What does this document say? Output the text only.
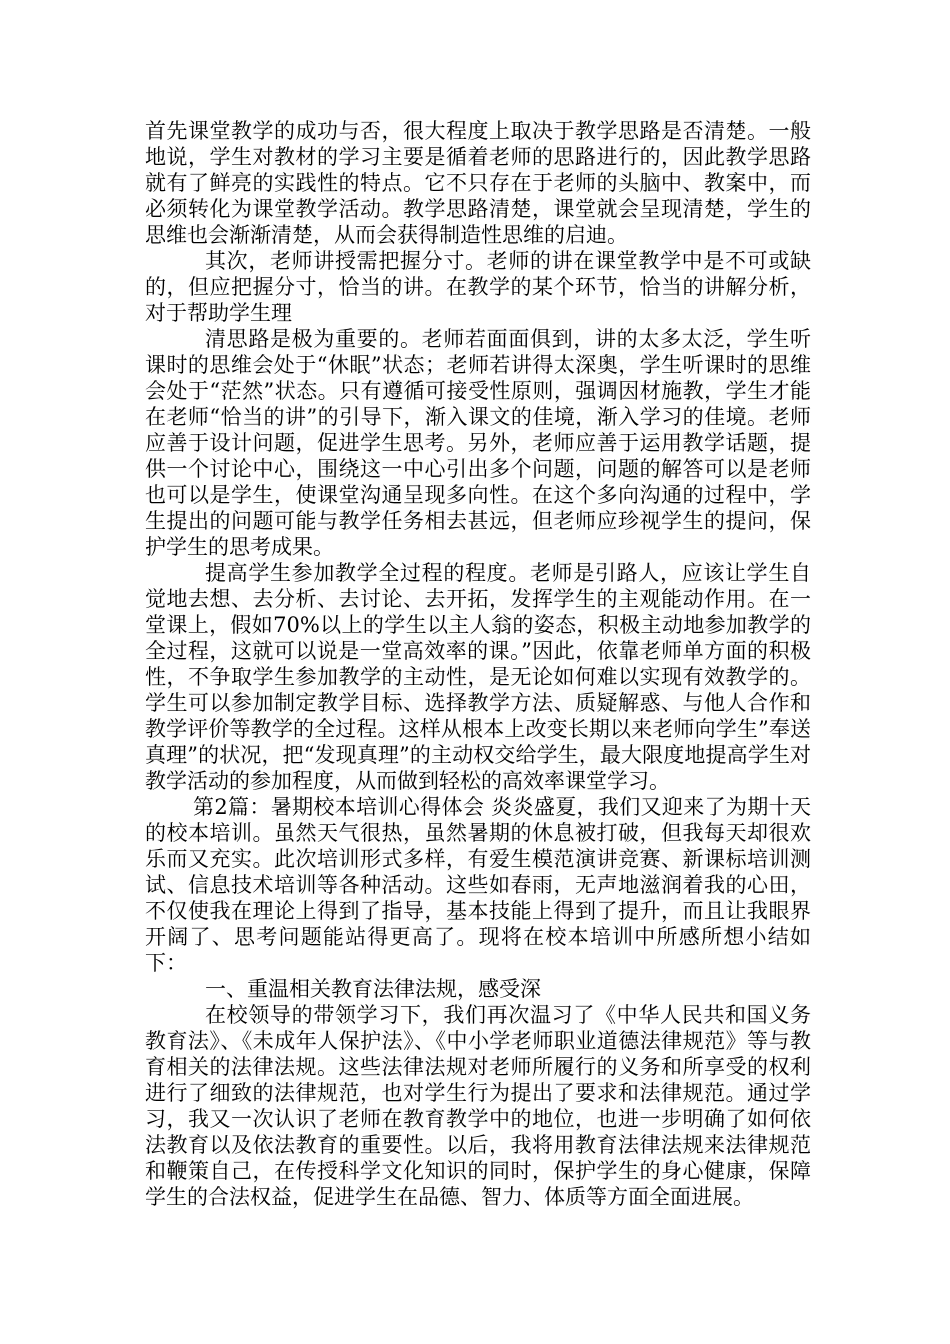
首先课堂教学的成功与否，很大程度上取决于教学思路是否清楚。一般地说，学生对教材的学习主要是循着老师的思路进行的，因此教学思路就有了鲜亮的实践性的特点。它不只存在于老师的头脑中、教案中，而必须转化为课堂教学活动。教学思路清楚，课堂就会呈现清楚，学生的思维也会渐渐清楚，从而会获得制造性思维的启迪。

其次，老师讲授需把握分寸。老师的讲在课堂教学中是不可或缺的，但应把握分寸，恰当的讲。在教学的某个环节，恰当的讲解分析，对于帮助学生理

清思路是极为重要的。老师若面面俱到，讲的太多太泛，学生听课时的思维会处于“休眠”状态；老师若讲得太深奥，学生听课时的思维会处于“茫然”状态。只有遵循可接受性原则，强调因材施教，学生才能在老师“恰当的讲”的引导下，渐入课文的佳境，渐入学习的佳境。老师应善于设计问题，促进学生思考。另外，老师应善于运用教学话题，提供一个讨论中心，围绕这一中心引出多个问题，问题的解答可以是老师也可以是学生，使课堂沟通呈现多向性。在这个多向沟通的过程中，学生提出的问题可能与教学任务相去甚远，但老师应珍视学生的提问，保护学生的思考成果。

提高学生参加教学全过程的程度。老师是引路人，应该让学生自觉地去想、去分析、去讨论、去开拓，发挥学生的主观能动作用。在一堂课上，假如70%以上的学生以主人翁的姿态，积极主动地参加教学的全过程，这就可以说是一堂高效率的课。”因此，依靠老师单方面的积极性，不争取学生参加教学的主动性，是无论如何难以实现有效教学的。学生可以参加制定教学目标、选择教学方法、质疑解惑、与他人合作和教学评价等教学的全过程。这样从根本上改变长期以来老师向学生”奉送真理”的状况，把“发现真理”的主动权交给学生，最大限度地提高学生对教学活动的参加程度，从而做到轻松的高效率课堂学习。

第2篇：暑期校本培训心得体会 炎炎盛夏，我们又迎来了为期十天的校本培训。虽然天气很热，虽然暑期的休息被打破，但我每天却很欢乐而又充实。此次培训形式多样，有爱生模范演讲竞赛、新课标培训测试、信息技术培训等各种活动。这些如春雨，无声地滋润着我的心田，不仅使我在理论上得到了指导，基本技能上得到了提升，而且让我眼界开阔了、思考问题能站得更高了。现将在校本培训中所感所想小结如下：

一、重温相关教育法律法规，感受深

在校领导的带领学习下，我们再次温习了《中华人民共和国义务教育法》、《未成年人保护法》、《中小学老师职业道德法律规范》等与教育相关的法律法规。这些法律法规对老师所履行的义务和所享受的权利进行了细致的法律规范，也对学生行为提出了要求和法律规范。通过学习，我又一次认识了老师在教育教学中的地位，也进一步明确了如何依法教育以及依法教育的重要性。以后，我将用教育法律法规来法律规范和鞭策自己，在传授科学文化知识的同时，保护学生的身心健康，保障学生的合法权益，促进学生在品德、智力、体质等方面全面进展。
